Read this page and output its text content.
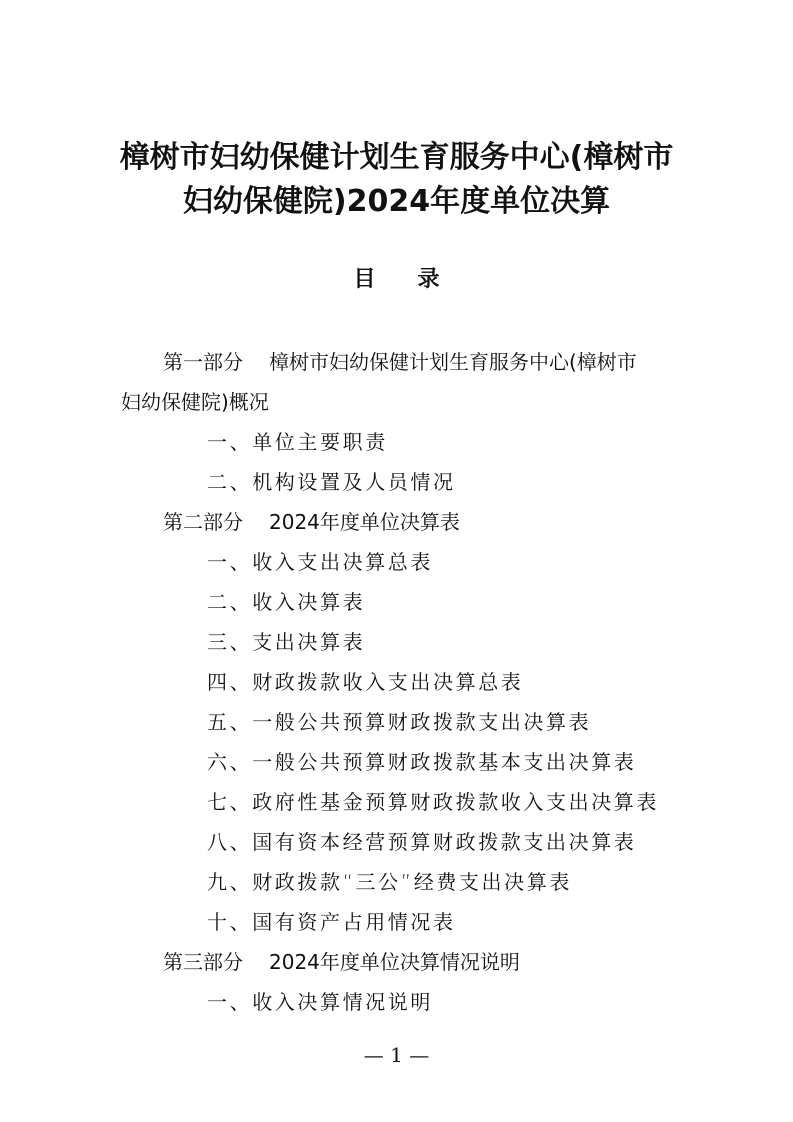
樟树市妇幼保健计划生育服务中心(樟树市
妇幼保健院)2024年度单位决算
目 录
第一部分 樟树市妇幼保健计划生育服务中心(樟树市
妇幼保健院)概况
一、单位主要职责
二、机构设置及人员情况
第二部分 2024年度单位决算表
一、收入支出决算总表
二、收入决算表
三、支出决算表
四、财政拨款收入支出决算总表
五、一般公共预算财政拨款支出决算表
六、一般公共预算财政拨款基本支出决算表
七、政府性基金预算财政拨款收入支出决算表
八、国有资本经营预算财政拨款支出决算表
九、财政拨款“三公”经费支出决算表
十、国有资产占用情况表
第三部分 2024年度单位决算情况说明
一、收入决算情况说明
— 1 —
